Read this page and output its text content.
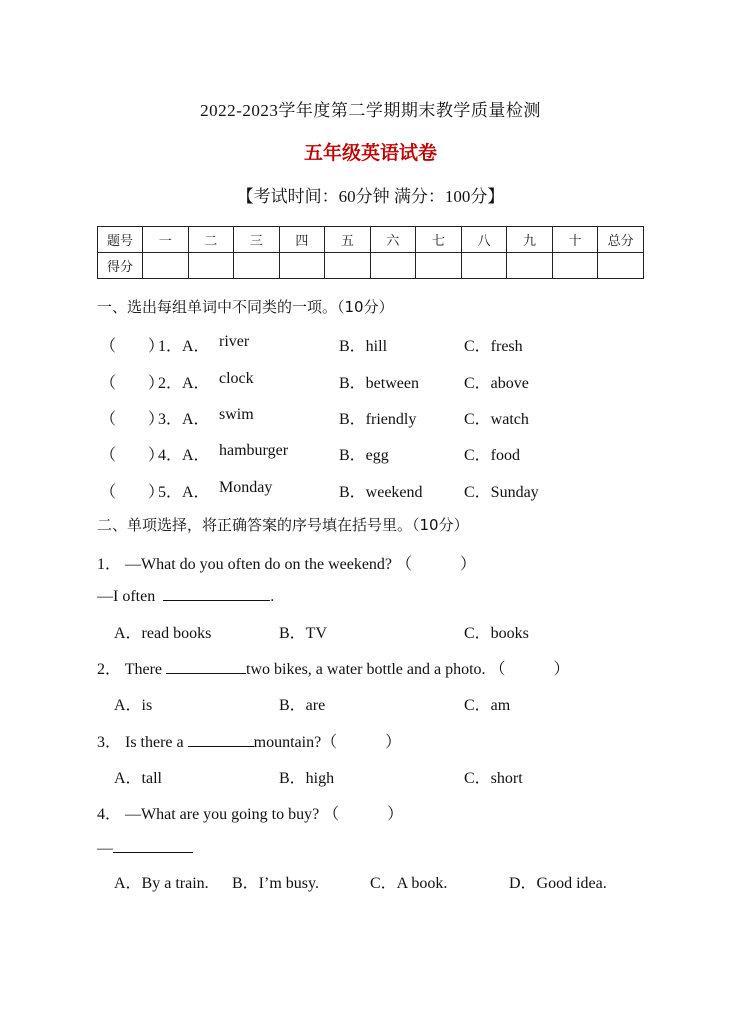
2022-2023学年度第二学期期末教学质量检测
五年级英语试卷
【考试时间：60分钟 满分：100分】
题号	一	二	三	四	五	六	七	八	九	十	总分
得分											
一、选出每组单词中不同类的一项。（10分）
（　　）
1．A． river	B．hill	C．fresh
（　　）
2．A． clock	B．between	C．above
（　　）
3．A． swim	B．friendly	C．watch
（　　）
4．A． hamburger	B．egg	C．food
（　　）
5．A． Monday	B．weekend	C．Sunday
二、单项选择，将正确答案的序号填在括号里。（10分）
1． —What do you often do on the weekend? （　　　）
—I often	.
A．read books	B．TV	C．books
2． There	two bikes, a water bottle and a photo. （　　　）
A．is	B．are	C．am
3． Is there a	mountain?（　　　）
A．tall	B．high	C．short
4． —What are you going to buy? （　　　）
—
A．By a train. B．I’m busy.	C．A book.	D．Good idea.
